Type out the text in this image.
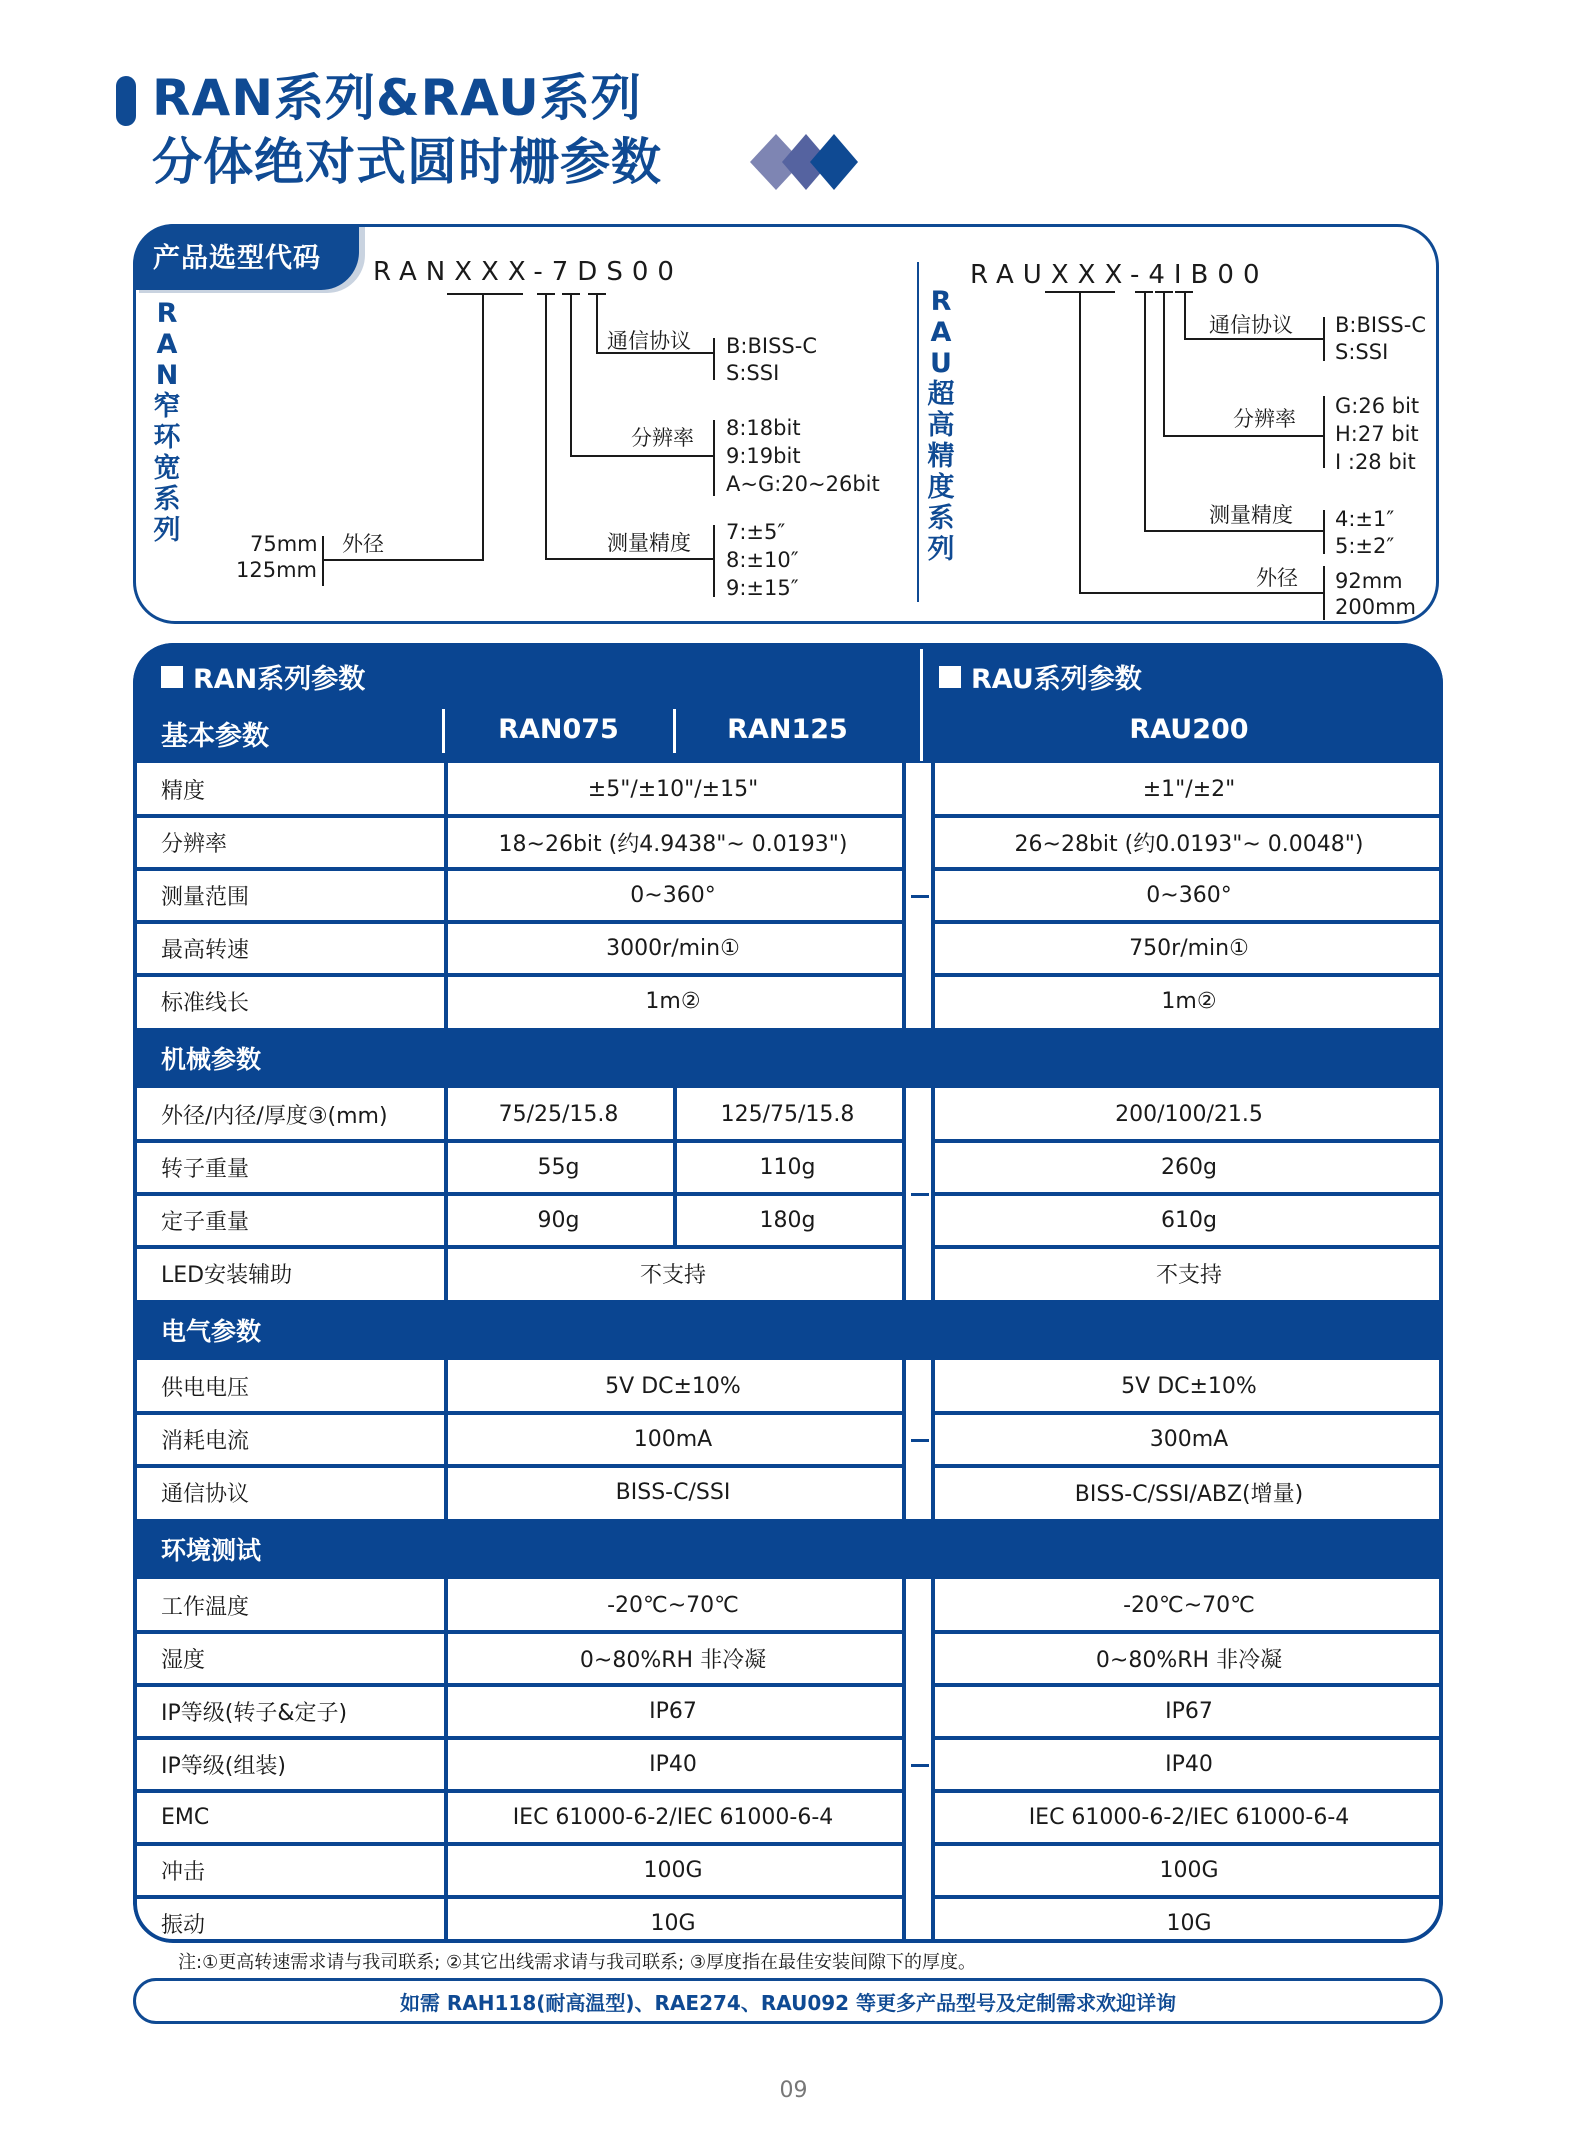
RAN系列&RAU系列
分体绝对式圆时栅参数
产品选型代码
R
A
N
窄
环
宽
系
列
RANXXX-7DS00
通信协议 B:BISS-C
S:SSI
分辨率 8:18bit
9:19bit
A~G:20~26bit
测量精度 7:±5″
8:±10″
9:±15″
外径
75mm
125mm
R
A
U
超
高
精
度
系
列
RAUXXX-4IB00
通信协议 B:BISS-C
S:SSI
分辨率
G:26 bit
H:27 bit
I :28 bit
测量精度 4:±1″
5:±2″
外径 92mm
200mm
RAN系列参数	RAU系列参数
基本参数	RAN075	RAN125	RAU200
精度	±5"/±10"/±15"	±1"/±2"
分辨率	18~26bit (约4.9438"~ 0.0193")	26~28bit (约0.0193"~ 0.0048")
测量范围	0~360°	0~360°
最高转速	3000r/min①	750r/min①
标准线长	1m②	1m②
机械参数
外径/内径/厚度③(mm)	75/25/15.8	125/75/15.8	200/100/21.5
转子重量	55g	110g	260g
定子重量	90g	180g	610g
LED安装辅助	不支持	不支持
电气参数
供电电压	5V DC±10%	5V DC±10%
消耗电流	100mA	300mA
通信协议	BISS-C/SSI	BISS-C/SSI/ABZ(增量)
环境测试
工作温度	-20℃~70℃	-20℃~70℃
湿度	0~80%RH 非冷凝	0~80%RH 非冷凝
IP等级(转子&定子)	IP67	IP67
IP等级(组装)	IP40	IP40
EMC	IEC 61000-6-2/IEC 61000-6-4	IEC 61000-6-2/IEC 61000-6-4
冲击	100G	100G
振动	10G	10G
注:①更高转速需求请与我司联系; ②其它出线需求请与我司联系; ③厚度指在最佳安装间隙下的厚度。
如需 RAH118(耐高温型)、RAE274、RAU092 等更多产品型号及定制需求欢迎详询
09
